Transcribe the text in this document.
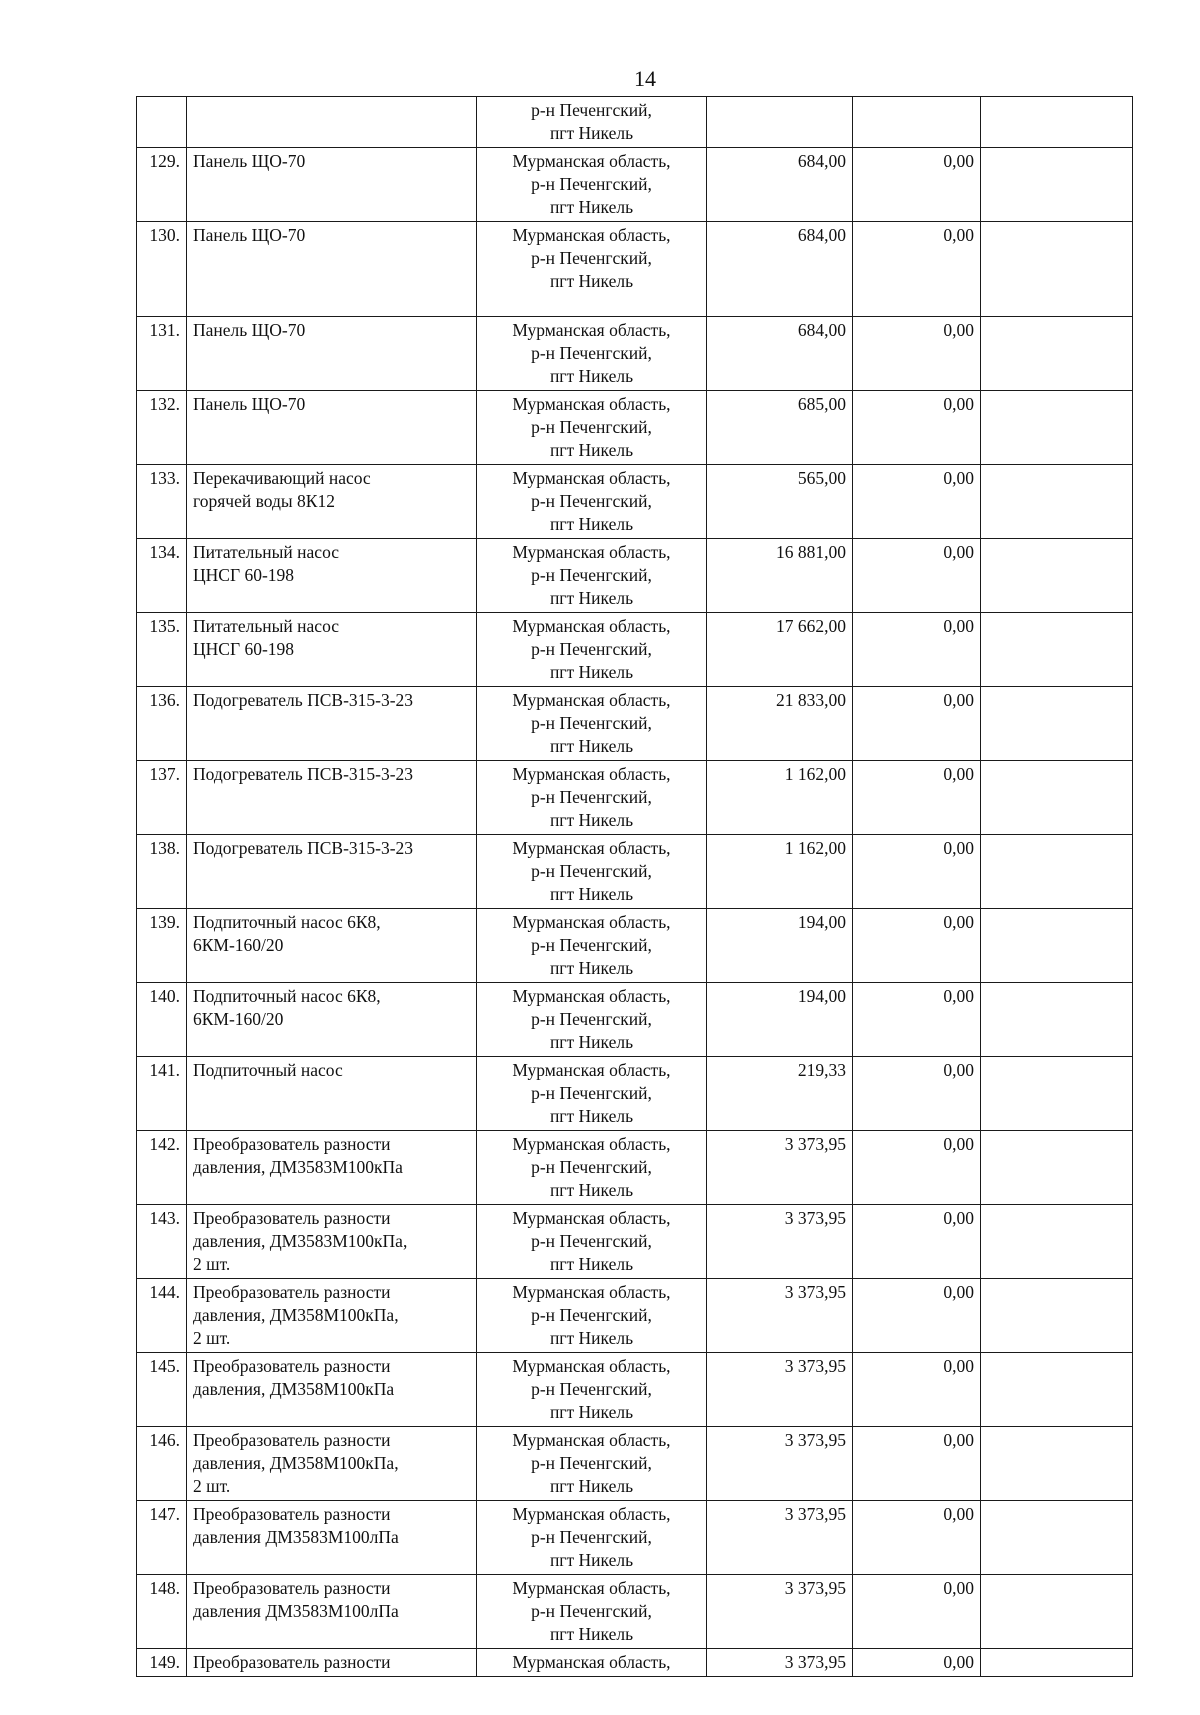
14

		р-н Печенгский,
пгт Никель			

129.	Панель ЩО-70	Мурманская область,
р-н Печенгский,
пгт Никель	684,00	0,00	
130.	Панель ЩО-70	Мурманская область,
р-н Печенгский,
пгт Никель	684,00	0,00	
131.	Панель ЩО-70	Мурманская область,
р-н Печенгский,
пгт Никель	684,00	0,00	
132.	Панель ЩО-70	Мурманская область,
р-н Печенгский,
пгт Никель	685,00	0,00	
133.	Перекачивающий насос
горячей воды 8К12	Мурманская область,
р-н Печенгский,
пгт Никель	565,00	0,00	
134.	Питательный насос
ЦНСГ 60-198	Мурманская область,
р-н Печенгский,
пгт Никель	16 881,00	0,00	
135.	Питательный насос
ЦНСГ 60-198	Мурманская область,
р-н Печенгский,
пгт Никель	17 662,00	0,00	
136.	Подогреватель ПСВ-315-3-23	Мурманская область,
р-н Печенгский,
пгт Никель	21 833,00	0,00	
137.	Подогреватель ПСВ-315-3-23	Мурманская область,
р-н Печенгский,
пгт Никель	1 162,00	0,00	
138.	Подогреватель ПСВ-315-3-23	Мурманская область,
р-н Печенгский,
пгт Никель	1 162,00	0,00	
139.	Подпиточный насос 6К8,
6КМ-160/20	Мурманская область,
р-н Печенгский,
пгт Никель	194,00	0,00	
140.	Подпиточный насос 6К8,
6КМ-160/20	Мурманская область,
р-н Печенгский,
пгт Никель	194,00	0,00	
141.	Подпиточный насос	Мурманская область,
р-н Печенгский,
пгт Никель	219,33	0,00	
142.	Преобразователь разности
давления, ДМ3583М100кПа	Мурманская область,
р-н Печенгский,
пгт Никель	3 373,95	0,00	
143.	Преобразователь разности
давления, ДМ3583М100кПа,
2 шт.	Мурманская область,
р-н Печенгский,
пгт Никель	3 373,95	0,00	
144.	Преобразователь разности
давления, ДМ358М100кПа,
2 шт.	Мурманская область,
р-н Печенгский,
пгт Никель	3 373,95	0,00	
145.	Преобразователь разности
давления, ДМ358М100кПа	Мурманская область,
р-н Печенгский,
пгт Никель	3 373,95	0,00	
146.	Преобразователь разности
давления, ДМ358М100кПа,
2 шт.	Мурманская область,
р-н Печенгский,
пгт Никель	3 373,95	0,00	
147.	Преобразователь разности
давления ДМ3583М100лПа	Мурманская область,
р-н Печенгский,
пгт Никель	3 373,95	0,00	
148.	Преобразователь разности
давления ДМ3583М100лПа	Мурманская область,
р-н Печенгский,
пгт Никель	3 373,95	0,00	
149.	Преобразователь разности	Мурманская область,	3 373,95	0,00	
